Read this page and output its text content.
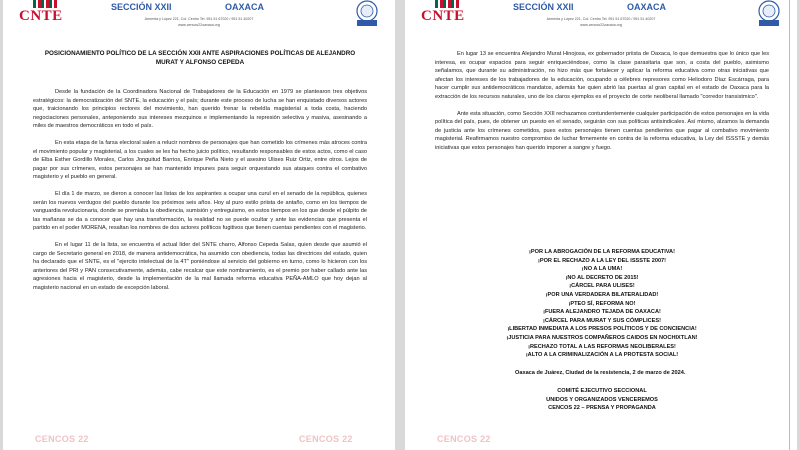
CNTE
SECCIÓN XXII	OAXACA
Armenta y López 221, Col. Centro Tel. 951 51 67020 / 951 51 40207
www.cencos22oaxaca.org
POSICIONAMIENTO POLÍTICO DE LA SECCIÓN XXII ANTE ASPIRACIONES POLÍTICAS DE ALEJANDRO MURAT Y ALFONSO CEPEDA

Desde la fundación de la Coordinadora Nacional de Trabajadores de la Educación en 1979 se plantearon tres objetivos estratégicos: la democratización del SNTE, la educación y el país; durante este proceso de lucha se han enquistado diversos actores que, traicionando los principios rectores del movimiento, han querido frenar la rebeldía magisterial a toda costa, haciendo negociaciones personales, anteponiendo sus intereses mezquinos e implementando la represión selectiva y masiva, asesinando a miles de maestros democráticos en todo el país.

En esta etapa de la farsa electoral salen a relucir nombres de personajes que han cometido los crímenes más atroces contra el movimiento popular y magisterial, a los cuales se les ha hecho juicio político, resultando responsables de estos actos, como el caso de Elba Esther Gordillo Morales, Carlos Jonguitud Barrios, Enrique Peña Nieto y el asesino Ulises Ruiz Ortiz, entre otros. Lejos de pagar por sus crímenes, estos personajes se han mantenido impunes para seguir orquestando sus ataques contra el combativo magisterio y el pueblo en general.

El día 1 de marzo, se dieron a conocer las listas de los aspirantes a ocupar una curul en el senado de la república, quienes serán los nuevos verdugos del pueblo durante los próximos seis años. Hoy al puro estilo priista de antaño, como en los tiempos de vanguardia revolucionaria, donde se premiaba la obediencia, sumisión y entreguismo, en estos tiempos en los que desde el púlpito de las mañanas se da a conocer que hay una transformación, la realidad no se puede ocultar y ante las evidencias que presenta el partido en el poder MORENA, resaltan los nombres de dos actores políticos fugitivos que tienen cuentas pendientes con el magisterio.

En el lugar 11 de la lista, se encuentra el actual líder del SNTE charro, Alfonso Cepeda Salas, quien desde que asumió el cargo de Secretario general en 2018, de manera antidemocrática, ha asumido con obediencia, todas las directrices del estado, quien ha declarado que el SNTE, es el "ejercito intelectual de la 4T" poniéndose al servicio del gobierno en turno, como lo hicieron con los anteriores del PRI y PAN consecutivamente, además, cabe recalcar que este nombramiento, es el premio por haber callado ante las agresiones hacia el magisterio, desde la implementación de la mal llamada reforma educativa PEÑA-AMLO que hoy dejan al magisterio nacional en un estado de excepción laboral.

CENCOS 22	CENCOS 22
CNTE
SECCIÓN XXII	OAXACA
Armenta y López 221, Col. Centro Tel. 951 51 67020 / 951 51 40207
www.cencos22oaxaca.org

En lugar 13 se encuentra Alejandro Murat Hinojosa, ex gobernador priista de Oaxaca, lo que demuestra que lo único que les interesa, es ocupar espacios para seguir enriqueciéndose, como la clase parasitaria que son, a costa del pueblo, asimismo señalamos, que durante su administración, no hizo más que fortalecer y aplicar la reforma educativa como otras iniciativas que afectan los intereses de los trabajadores de la educación, ocupando a célebres represores como Heliodoro Díaz Escárraga, para hacer cumplir sus antidemocráticos mandatos, además fue quien abrió las puertas al gran capital en el estado de Oaxaca para la extracción de los recursos naturales, uno de los claros ejemplos es el proyecto de corte neoliberal llamado "corredor transistmico".

Ante esta situación, como Sección XXII rechazamos contundentemente cualquier participación de estos personajes en la vida política del país, pues, de obtener un puesto en el senado, seguirán con sus políticas antisindicales. Así mismo, alzamos la demanda de justicia ante los crímenes cometidos, pues estos personajes tienen cuentas pendientes que pagar al combativo movimiento magisterial. Reafirmamos nuestro compromiso de luchar firmemente en contra de la reforma educativa, la Ley del ISSSTE y demás iniciativas que estos personajes han querido imponer a sangre y fuego.

¡POR LA ABROGACIÓN DE LA REFORMA EDUCATIVA!
¡POR EL RECHAZO A LA LEY DEL ISSSTE 2007!
¡NO A LA UMA!
¡NO AL DECRETO DE 2015!
¡CÁRCEL PARA ULISES!
¡POR UNA VERDADERA BILATERALIDAD!
¡PTEO SÍ, REFORMA NO!
¡FUERA ALEJANDRO TEJADA DE OAXACA!
¡CÁRCEL PARA MURAT Y SUS CÓMPLICES!
¡LIBERTAD INMEDIATA A LOS PRESOS POLÍTICOS Y DE CONCIENCIA!
¡JUSTICIA PARA NUESTROS COMPAÑEROS CAIDOS EN NOCHIXTLAN!
¡RECHAZO TOTAL A LAS REFORMAS NEOLIBERALES!
¡ALTO A LA CRIMINALIZACIÓN A LA PROTESTA SOCIAL!
Oaxaca de Juárez, Ciudad de la resistencia, 2 de marzo de 2024.
COMITÉ EJECUTIVO SECCIONAL
UNIDOS Y ORGANIZADOS VENCEREMOS
CENCOS 22 – PRENSA Y PROPAGANDA
CENCOS 22
